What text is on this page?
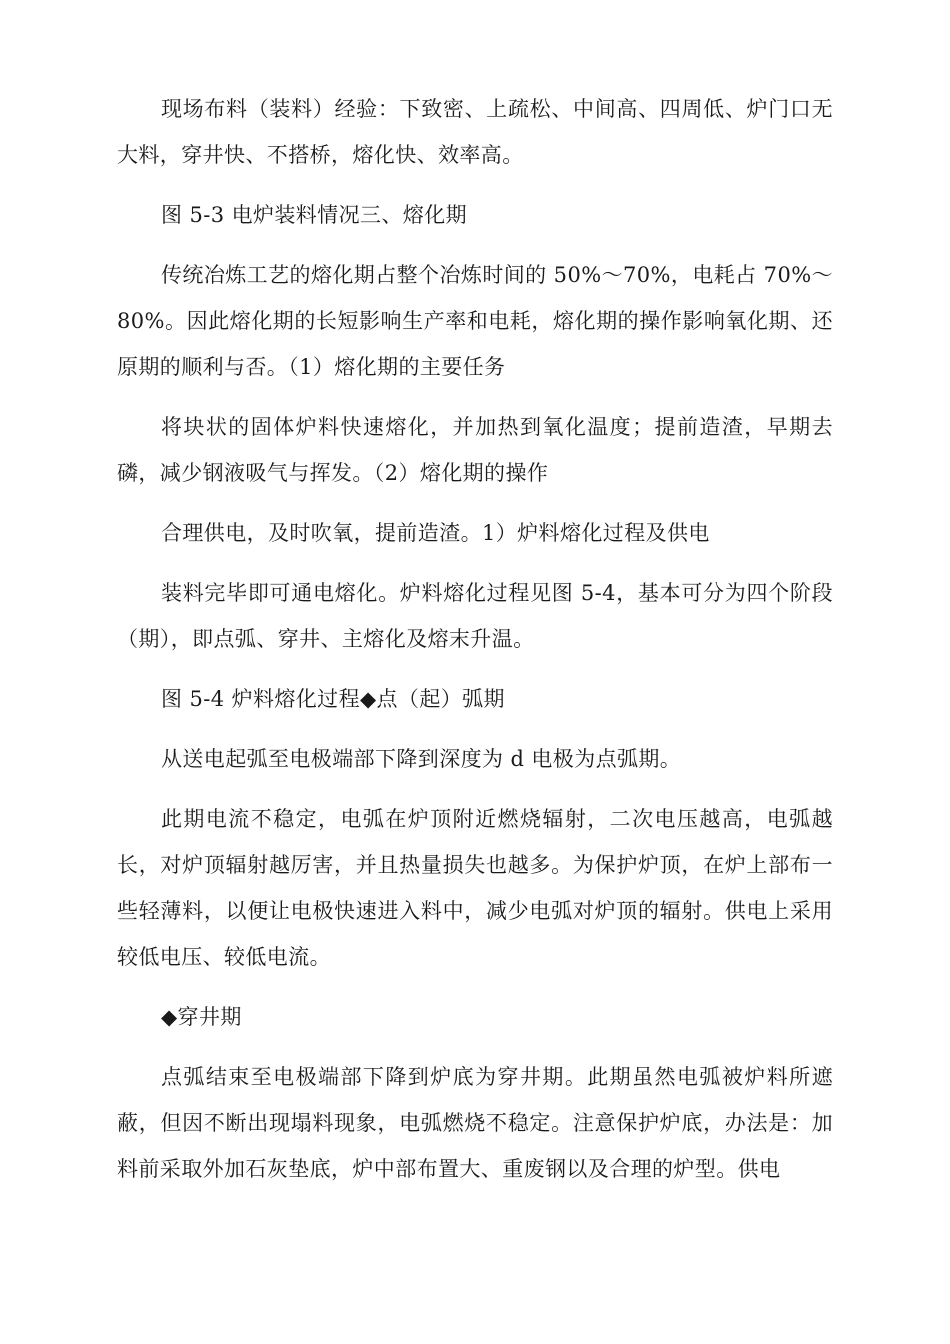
现场布料（装料）经验：下致密、上疏松、中间高、四周低、炉门口无大料，穿井快、不搭桥，熔化快、效率高。

图 5-3 电炉装料情况三、熔化期

传统冶炼工艺的熔化期占整个冶炼时间的 50%～70%，电耗占 70%～80%。因此熔化期的长短影响生产率和电耗，熔化期的操作影响氧化期、还原期的顺利与否。（1）熔化期的主要任务

将块状的固体炉料快速熔化，并加热到氧化温度；提前造渣，早期去磷，减少钢液吸气与挥发。（2）熔化期的操作

合理供电，及时吹氧，提前造渣。1）炉料熔化过程及供电

装料完毕即可通电熔化。炉料熔化过程见图 5-4，基本可分为四个阶段（期），即点弧、穿井、主熔化及熔末升温。

图 5-4 炉料熔化过程◆点（起）弧期

从送电起弧至电极端部下降到深度为 d 电极为点弧期。

此期电流不稳定，电弧在炉顶附近燃烧辐射，二次电压越高，电弧越长，对炉顶辐射越厉害，并且热量损失也越多。为保护炉顶，在炉上部布一些轻薄料，以便让电极快速进入料中，减少电弧对炉顶的辐射。供电上采用较低电压、较低电流。

◆穿井期

点弧结束至电极端部下降到炉底为穿井期。此期虽然电弧被炉料所遮蔽，但因不断出现塌料现象，电弧燃烧不稳定。注意保护炉底，办法是：加料前采取外加石灰垫底，炉中部布置大、重废钢以及合理的炉型。供电
